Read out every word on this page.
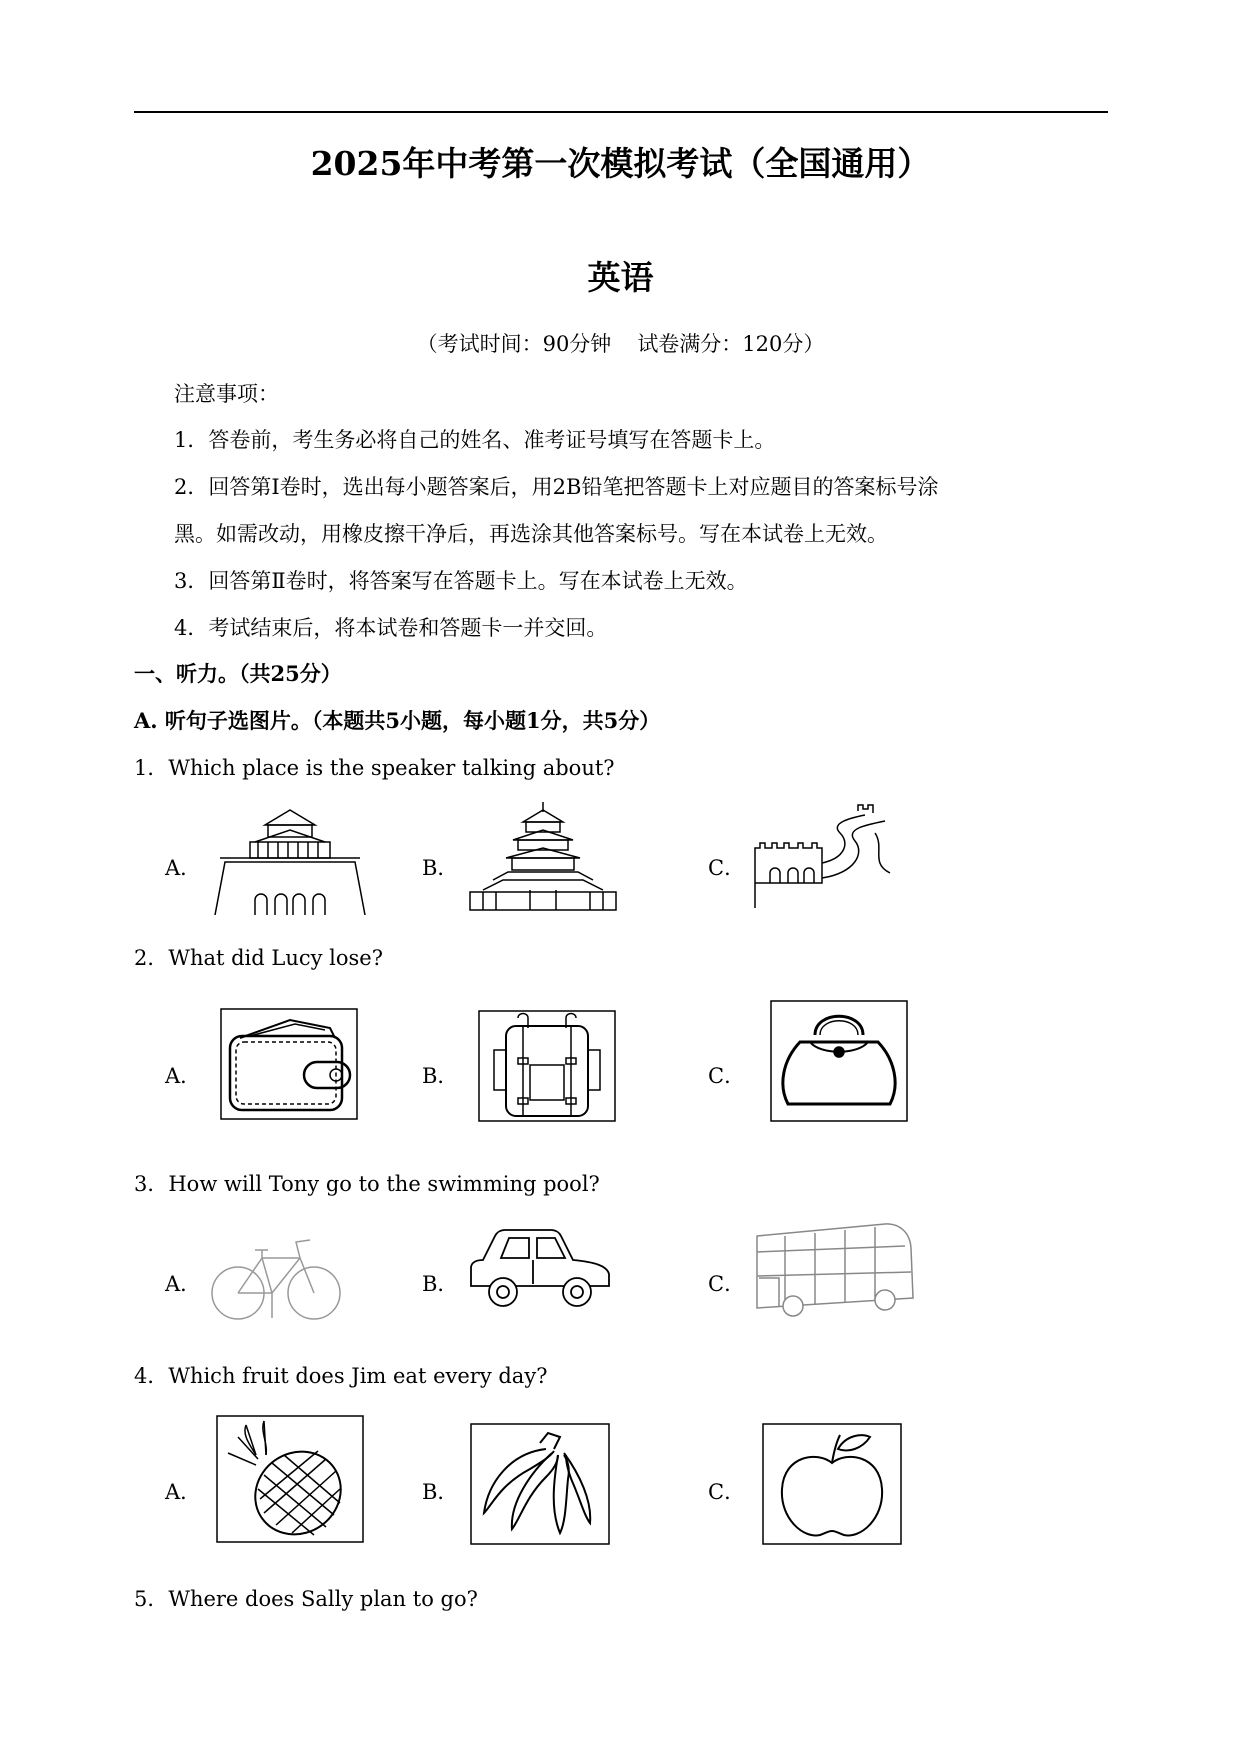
2025年中考第一次模拟考试（全国通用）
英语
（考试时间：90分钟 试卷满分：120分）
注意事项：
1．答卷前，考生务必将自己的姓名、准考证号填写在答题卡上。
2．回答第Ⅰ卷时，选出每小题答案后，用2B铅笔把答题卡上对应题目的答案标号涂
黑。如需改动，用橡皮擦干净后，再选涂其他答案标号。写在本试卷上无效。
3．回答第Ⅱ卷时，将答案写在答题卡上。写在本试卷上无效。
4．考试结束后，将本试卷和答题卡一并交回。
一、听力。（共25分）
A. 听句子选图片。（本题共5小题，每小题1分，共5分）
1．Which place is the speaker talking about?
A．	B．	C．
2．What did Lucy lose?
A．	B．	C．
3．How will Tony go to the swimming pool?
A．	B．	C．
4．Which fruit does Jim eat every day?
A．	B．	C．
5．Where does Sally plan to go?
